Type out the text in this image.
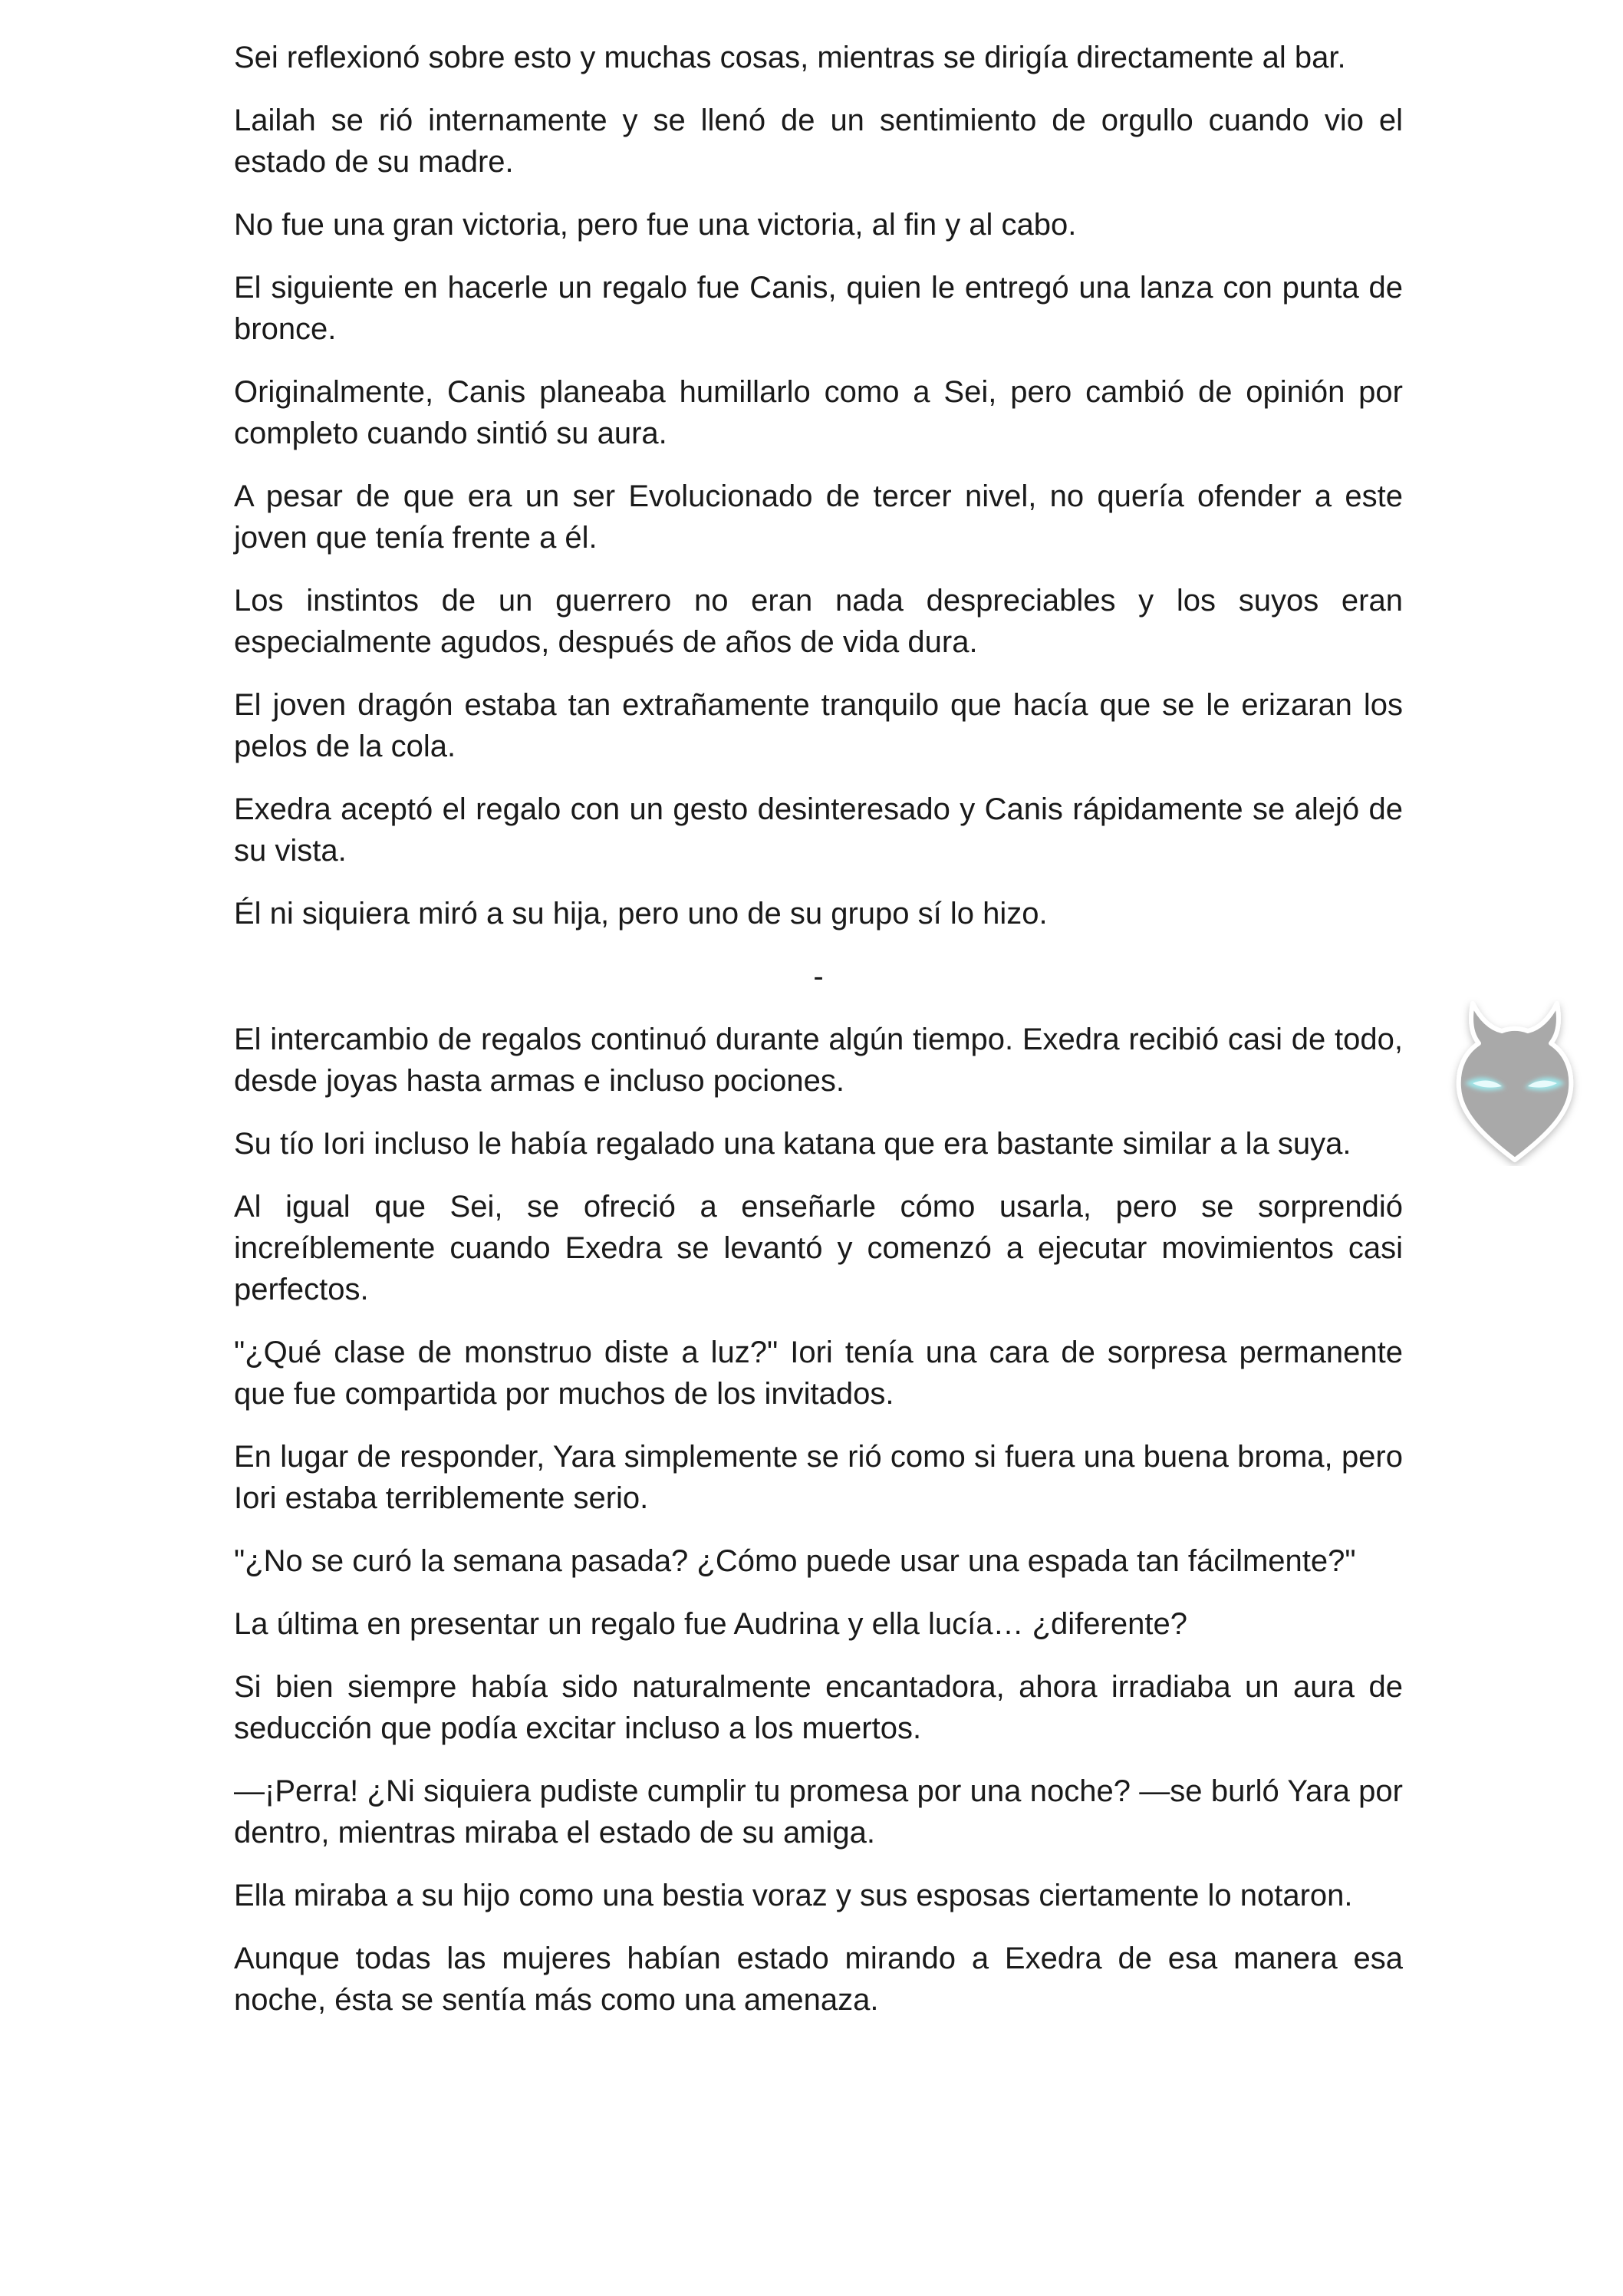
Sei reflexionó sobre esto y muchas cosas, mientras se dirigía directamente al bar.

Lailah se rió internamente y se llenó de un sentimiento de orgullo cuando vio el estado de su madre.

No fue una gran victoria, pero fue una victoria, al fin y al cabo.

El siguiente en hacerle un regalo fue Canis, quien le entregó una lanza con punta de bronce.

Originalmente, Canis planeaba humillarlo como a Sei, pero cambió de opinión por completo cuando sintió su aura.

A pesar de que era un ser Evolucionado de tercer nivel, no quería ofender a este joven que tenía frente a él.

Los instintos de un guerrero no eran nada despreciables y los suyos eran especialmente agudos, después de años de vida dura.

El joven dragón estaba tan extrañamente tranquilo que hacía que se le erizaran los pelos de la cola.

Exedra aceptó el regalo con un gesto desinteresado y Canis rápidamente se alejó de su vista.

Él ni siquiera miró a su hija, pero uno de su grupo sí lo hizo.

-

El intercambio de regalos continuó durante algún tiempo. Exedra recibió casi de todo, desde joyas hasta armas e incluso pociones.

Su tío Iori incluso le había regalado una katana que era bastante similar a la suya.

Al igual que Sei, se ofreció a enseñarle cómo usarla, pero se sorprendió increíblemente cuando Exedra se levantó y comenzó a ejecutar movimientos casi perfectos.

"¿Qué clase de monstruo diste a luz?" Iori tenía una cara de sorpresa permanente que fue compartida por muchos de los invitados.

En lugar de responder, Yara simplemente se rió como si fuera una buena broma, pero Iori estaba terriblemente serio.

"¿No se curó la semana pasada? ¿Cómo puede usar una espada tan fácilmente?"

La última en presentar un regalo fue Audrina y ella lucía… ¿diferente?

Si bien siempre había sido naturalmente encantadora, ahora irradiaba un aura de seducción que podía excitar incluso a los muertos.

—¡Perra! ¿Ni siquiera pudiste cumplir tu promesa por una noche? —se burló Yara por dentro, mientras miraba el estado de su amiga.

Ella miraba a su hijo como una bestia voraz y sus esposas ciertamente lo notaron.

Aunque todas las mujeres habían estado mirando a Exedra de esa manera esa noche, ésta se sentía más como una amenaza.
